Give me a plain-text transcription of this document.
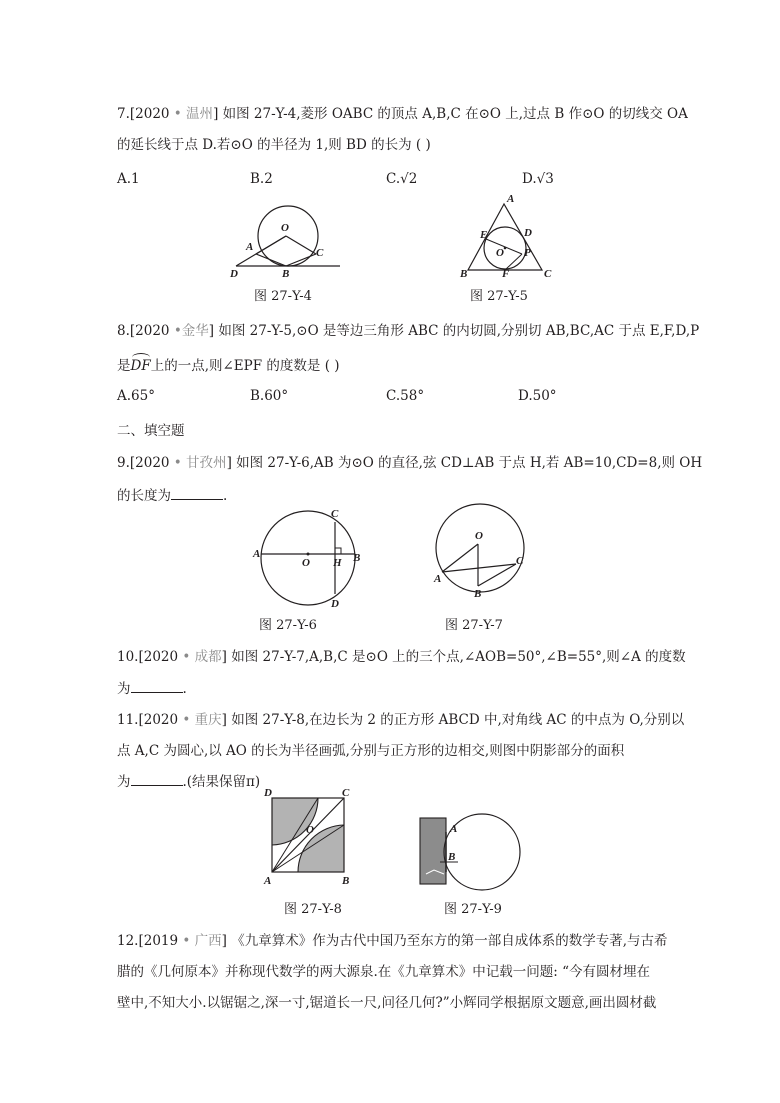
7.[2020 • 温州] 如图 27-Y-4,菱形 OABC 的顶点 A,B,C 在⊙O 上,过点 B 作⊙O 的切线交 OA
的延长线于点 D.若⊙O 的半径为 1,则 BD 的长为 ( )
A.1	B.2	C.√2	D.√3
O
A	C
D	B
图 27-Y-4
A
E	D
O P
B	F	C
图 27-Y-5
8.[2020 •金华] 如图 27-Y-5,⊙O 是等边三角形 ABC 的内切圆,分别切 AB,BC,AC 于点 E,F,D,P
是DF上的一点,则∠EPF 的度数是 ( )
A.65°	B.60°	C.58°	D.50°
二、填空题
9.[2020 • 甘孜州] 如图 27-Y-6,AB 为⊙O 的直径,弦 CD⊥AB 于点 H,若 AB=10,CD=8,则 OH
的长度为	.
A
C
B
O H
D
图 27-Y-6
O
C
A
B
图 27-Y-7
10.[2020 • 成都] 如图 27-Y-7,A,B,C 是⊙O 上的三个点,∠AOB=50°,∠B=55°,则∠A 的度数
为	.
11.[2020 • 重庆] 如图 27-Y-8,在边长为 2 的正方形 ABCD 中,对角线 AC 的中点为 O,分别以
点 A,C 为圆心,以 AO 的长为半径画弧,分别与正方形的边相交,则图中阴影部分的面积
为	.(结果保留π)
D	C
O
A	B
图 27-Y-8
A
B
图 27-Y-9
12.[2019 • 广西] 《九章算术》作为古代中国乃至东方的第一部自成体系的数学专著,与古希
腊的《几何原本》并称现代数学的两大源泉.在《九章算术》中记载一问题: “今有圆材埋在
壁中,不知大小.以锯锯之,深一寸,锯道长一尺,问径几何?”小辉同学根据原文题意,画出圆材截
